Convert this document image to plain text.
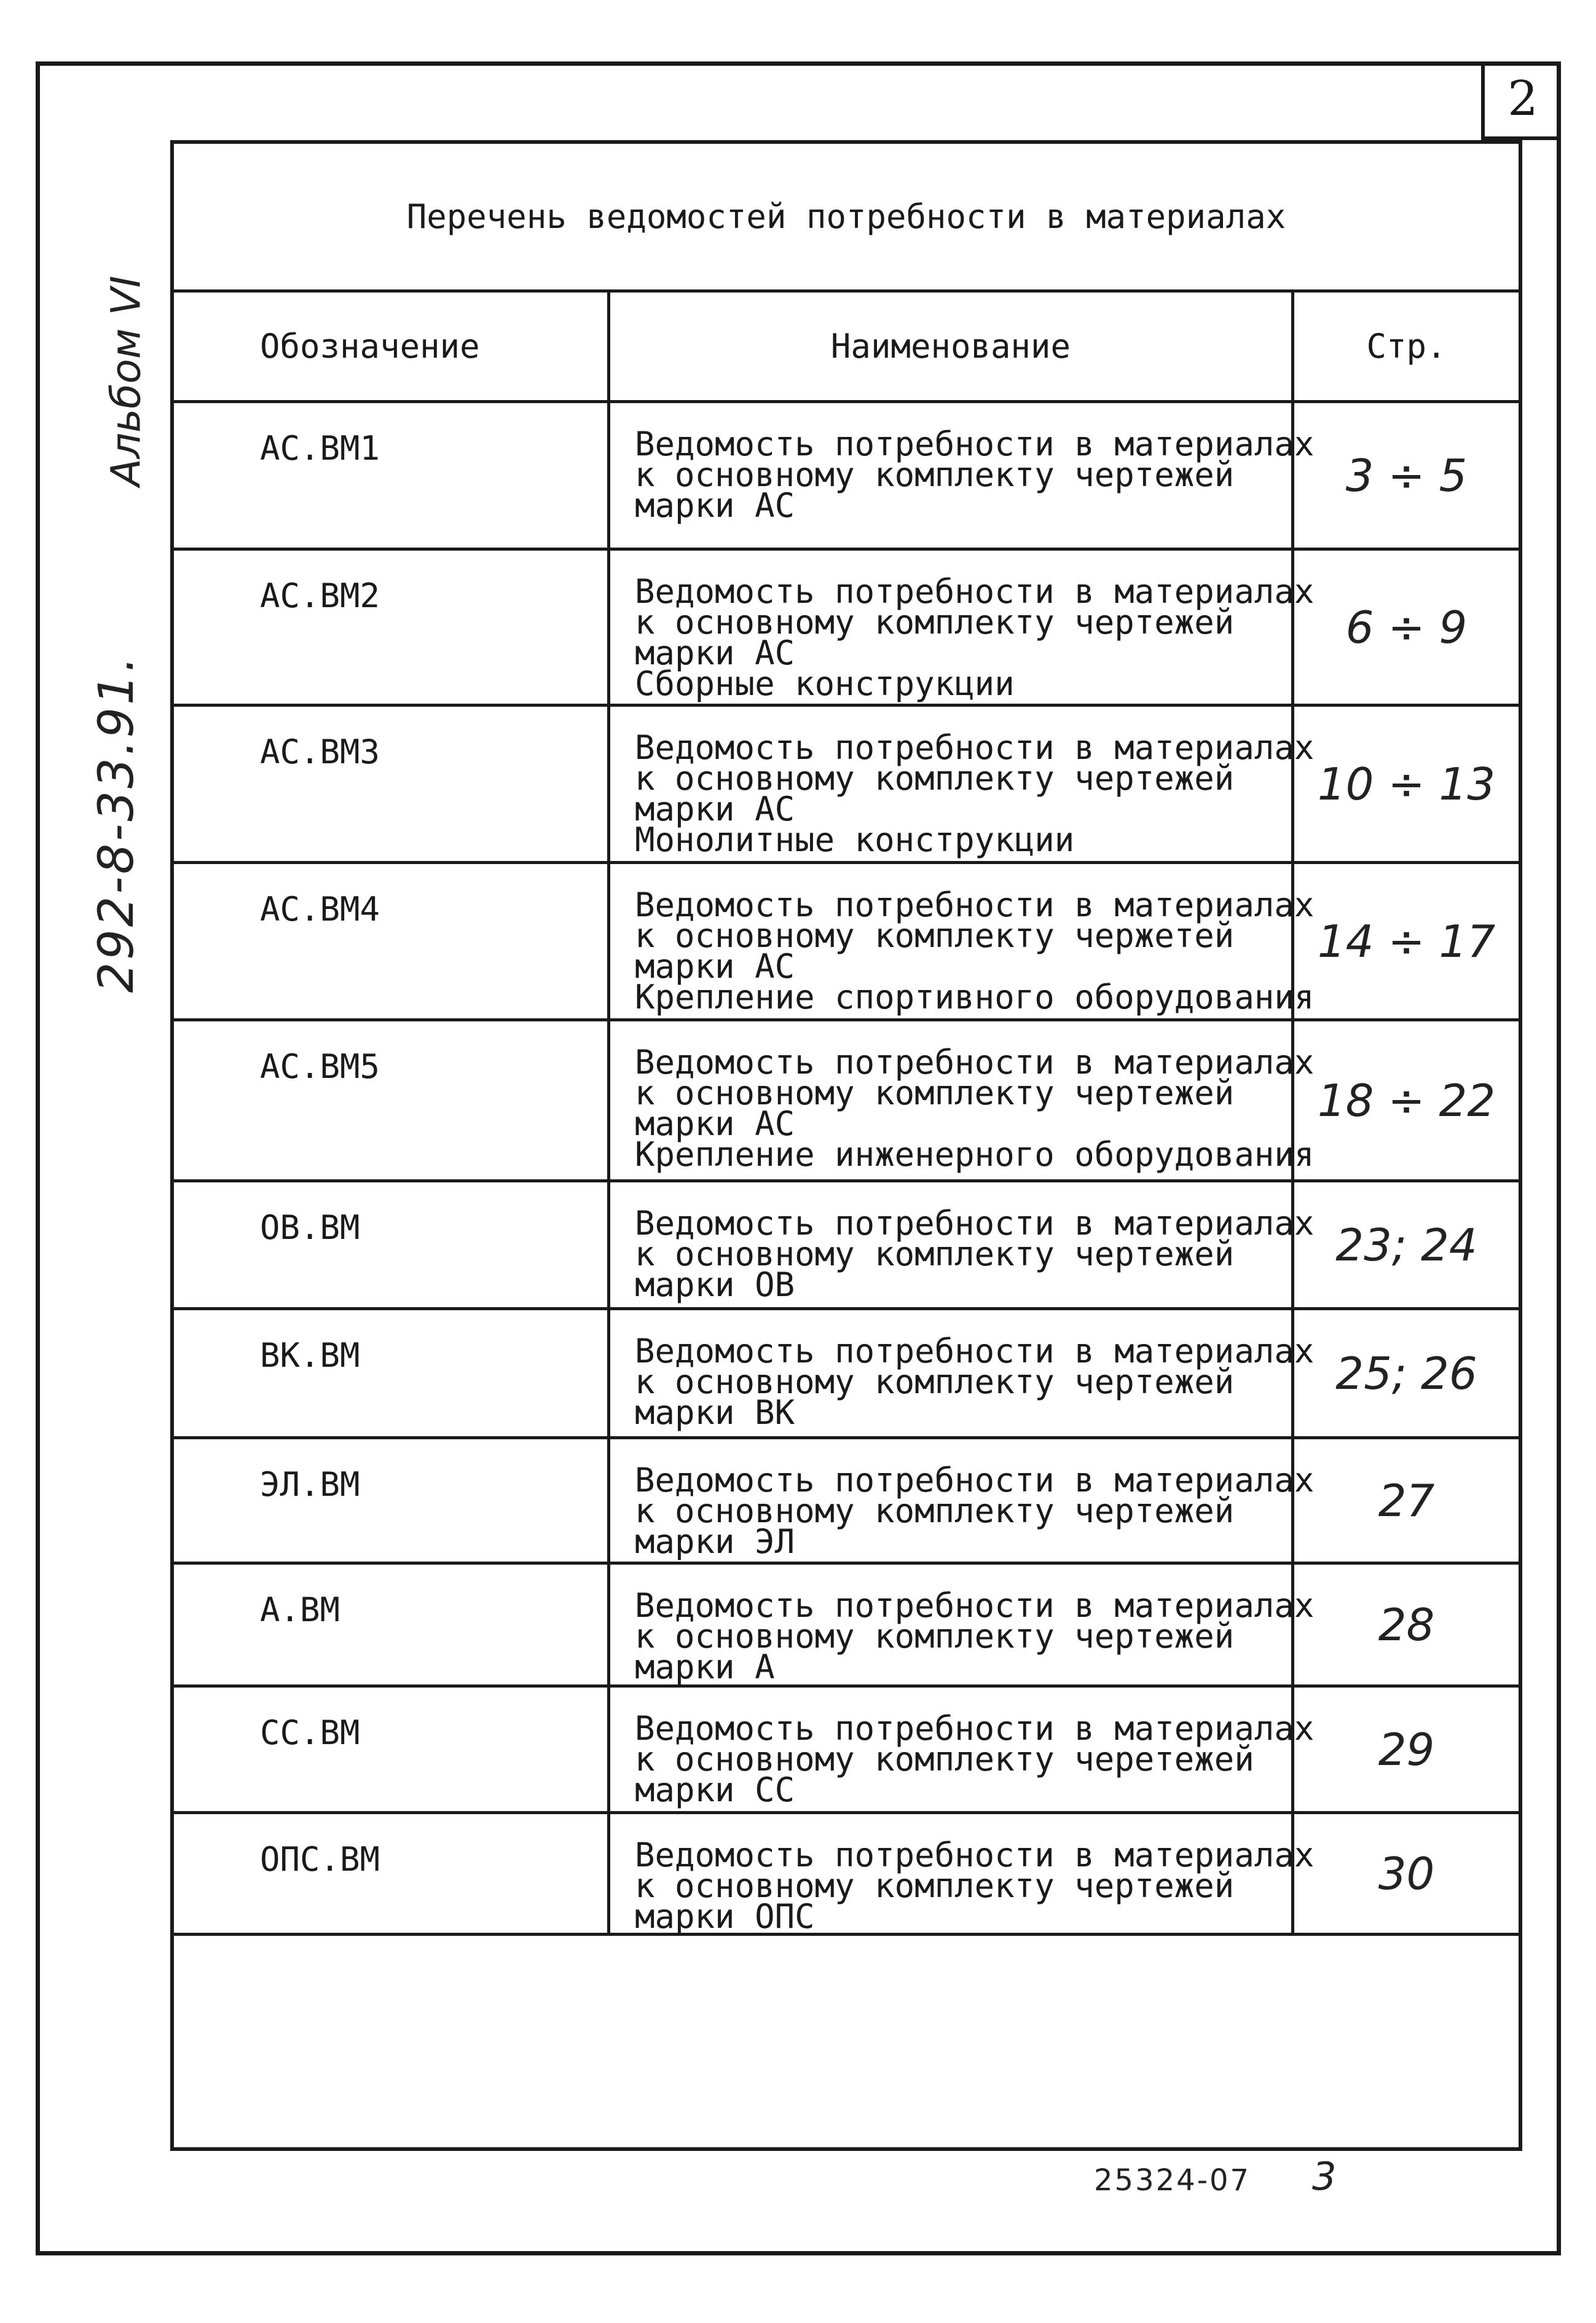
2
Альбом VI
292-8-33.91.
Перечень ведомостей потребности в материалах
Обозначение	Наименование	Стр.
АС.ВМ1	Ведомость потребности в материалах
к основному комплекту чертежей
марки АС
3 ÷ 5
АС.ВМ2	Ведомость потребности в материалах
к основному комплекту чертежей
марки АС
Сборные конструкции
6 ÷ 9
АС.ВМ3	Ведомость потребности в материалах
к основному комплекту чертежей
марки АС
Монолитные конструкции
10 ÷ 13
АС.ВМ4	Ведомость потребности в материалах
к основному комплекту чержетей
марки АС
Крепление спортивного оборудования
14 ÷ 17
АС.ВМ5	Ведомость потребности в материалах
к основному комплекту чертежей
марки АС
Крепление инженерного оборудования
18 ÷ 22
ОВ.ВМ	Ведомость потребности в материалах
к основному комплекту чертежей
марки ОВ
23; 24
ВК.ВМ	Ведомость потребности в материалах
к основному комплекту чертежей
марки ВК
25; 26
ЭЛ.ВМ	Ведомость потребности в материалах
к основному комплекту чертежей
марки ЭЛ
27
А.ВМ	Ведомость потребности в материалах
к основному комплекту чертежей
марки А
28
СС.ВМ	Ведомость потребности в материалах
к основному комплекту черетежей
марки СС
29
ОПС.ВМ	Ведомость потребности в материалах
к основному комплекту чертежей
марки ОПС
30
25324-07 3
